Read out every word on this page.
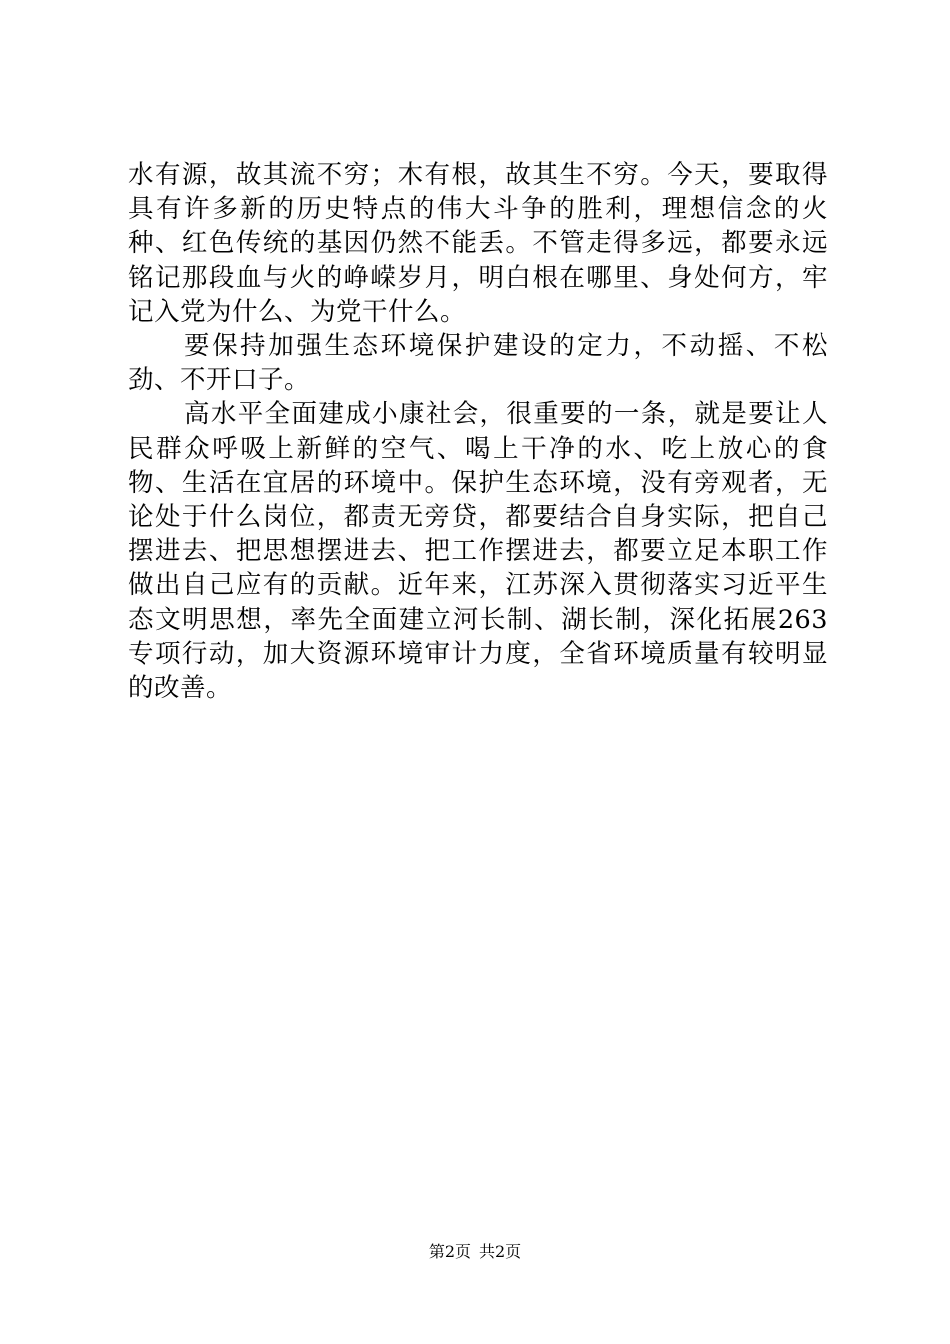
水有源，故其流不穷；木有根，故其生不穷。今天，要取得具有许多新的历史特点的伟大斗争的胜利，理想信念的火种、红色传统的基因仍然不能丢。不管走得多远，都要永远铭记那段血与火的峥嵘岁月，明白根在哪里、身处何方，牢记入党为什么、为党干什么。

要保持加强生态环境保护建设的定力，不动摇、不松劲、不开口子。

高水平全面建成小康社会，很重要的一条，就是要让人民群众呼吸上新鲜的空气、喝上干净的水、吃上放心的食物、生活在宜居的环境中。保护生态环境，没有旁观者，无论处于什么岗位，都责无旁贷，都要结合自身实际，把自己摆进去、把思想摆进去、把工作摆进去，都要立足本职工作做出自己应有的贡献。近年来，江苏深入贯彻落实习近平生态文明思想，率先全面建立河长制、湖长制，深化拓展263专项行动，加大资源环境审计力度，全省环境质量有较明显的改善。

第2页 共2页
